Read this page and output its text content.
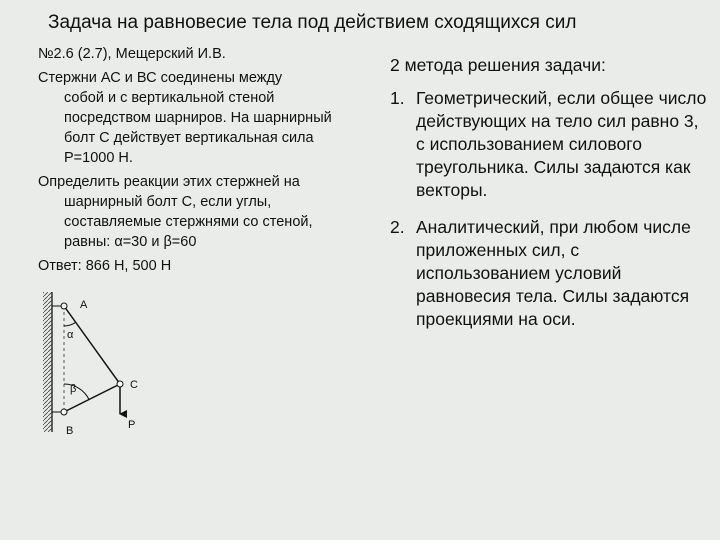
Задача на равновесие тела под действием сходящихся сил
№2.6 (2.7), Мещерский И.В.
Стержни АС и ВС соединены между
собой и с вертикальной стеной посредством шарниров. На шарнирный болт С действует вертикальная сила Р=1000 Н.
Определить реакции этих стержней на
шарнирный болт С, если углы, составляемые стержнями со стеной, равны: α=30 и β=60
Ответ: 866 Н, 500 Н
2 метода решения задачи:
1. Геометрический, если общее число действующих на тело сил равно 3, с использованием силового треугольника. Силы задаются как векторы.
2. Аналитический, при любом числе приложенных сил, с использованием условий равновесия тела. Силы задаются проекциями на оси.
A
α
β	C
B	P
